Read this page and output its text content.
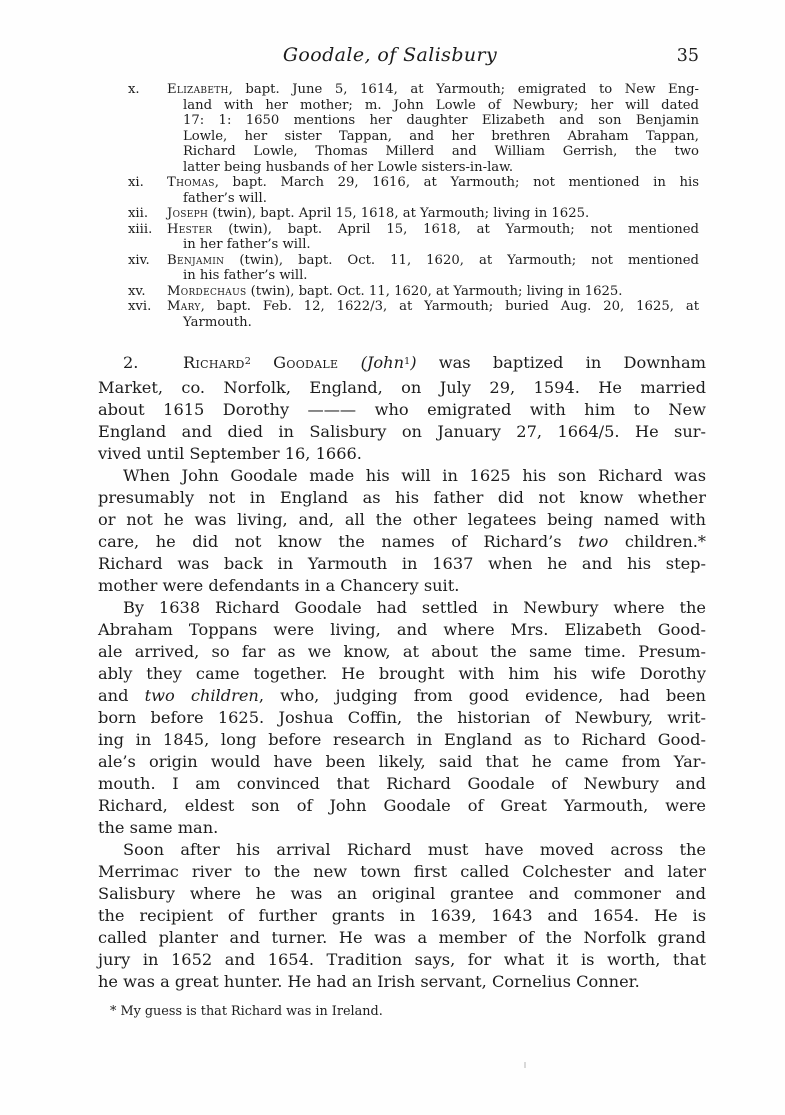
Goodale, of Salisbury	35
x. Elizabeth, bapt. June 5, 1614, at Yarmouth; emigrated to New Eng-
land with her mother; m. John Lowle of Newbury; her will dated
17: 1: 1650 mentions her daughter Elizabeth and son Benjamin
Lowle, her sister Tappan, and her brethren Abraham Tappan,
Richard Lowle, Thomas Millerd and William Gerrish, the two
latter being husbands of her Lowle sisters-in-law.
xi. Thomas, bapt. March 29, 1616, at Yarmouth; not mentioned in his
father’s will.
xii. Joseph (twin), bapt. April 15, 1618, at Yarmouth; living in 1625.
xiii. Hester (twin), bapt. April 15, 1618, at Yarmouth; not mentioned
in her father’s will.
xiv. Benjamin (twin), bapt. Oct. 11, 1620, at Yarmouth; not mentioned
in his father’s will.
xv. Mordechaus (twin), bapt. Oct. 11, 1620, at Yarmouth; living in 1625.
xvi. Mary, bapt. Feb. 12, 1622/3, at Yarmouth; buried Aug. 20, 1625, at
Yarmouth.
2.  Richard$^2$ Goodale (John$^1$) was baptized in Downham
Market, co. Norfolk, England, on July 29, 1594. He married
about 1615 Dorothy ——— who emigrated with him to New
England and died in Salisbury on January 27, 1664/5. He sur-
vived until September 16, 1666.
When John Goodale made his will in 1625 his son Richard was
presumably not in England as his father did not know whether
or not he was living, and, all the other legatees being named with
care, he did not know the names of Richard’s two children.*
Richard was back in Yarmouth in 1637 when he and his step-
mother were defendants in a Chancery suit.
By 1638 Richard Goodale had settled in Newbury where the
Abraham Toppans were living, and where Mrs. Elizabeth Good-
ale arrived, so far as we know, at about the same time. Presum-
ably they came together. He brought with him his wife Dorothy
and two children, who, judging from good evidence, had been
born before 1625. Joshua Coffin, the historian of Newbury, writ-
ing in 1845, long before research in England as to Richard Good-
ale’s origin would have been likely, said that he came from Yar-
mouth. I am convinced that Richard Goodale of Newbury and
Richard, eldest son of John Goodale of Great Yarmouth, were
the same man.
Soon after his arrival Richard must have moved across the
Merrimac river to the new town first called Colchester and later
Salisbury where he was an original grantee and commoner and
the recipient of further grants in 1639, 1643 and 1654. He is
called planter and turner. He was a member of the Norfolk grand
jury in 1652 and 1654. Tradition says, for what it is worth, that
he was a great hunter. He had an Irish servant, Cornelius Conner.
* My guess is that Richard was in Ireland.
